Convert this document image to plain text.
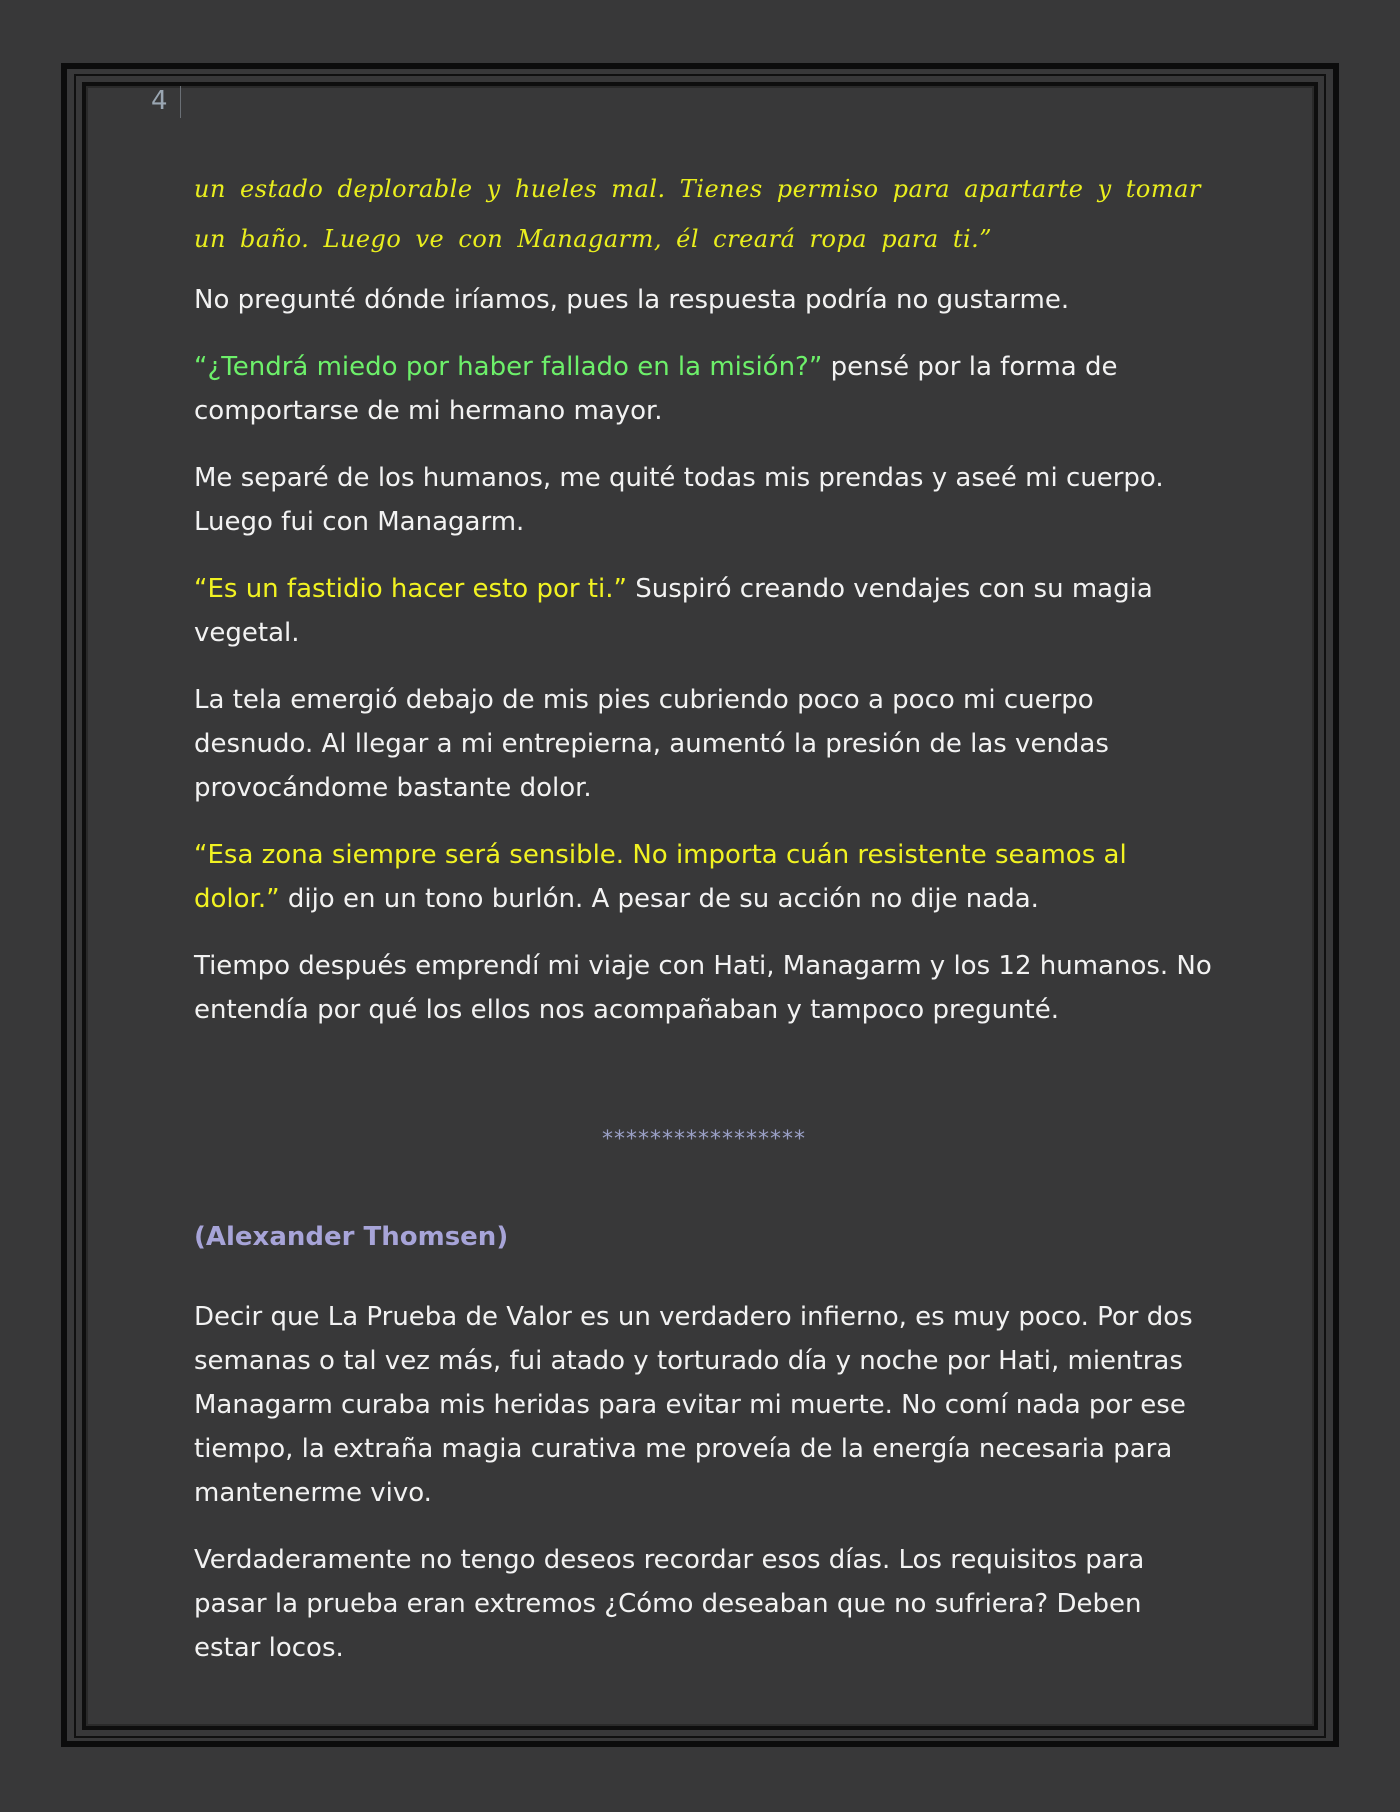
4

un estado deplorable y hueles mal. Tienes permiso para apartarte y tomar un baño. Luego ve con Managarm, él creará ropa para ti.”

No pregunté dónde iríamos, pues la respuesta podría no gustarme.

“¿Tendrá miedo por haber fallado en la misión?” pensé por la forma de comportarse de mi hermano mayor.

Me separé de los humanos, me quité todas mis prendas y aseé mi cuerpo. Luego fui con Managarm.

“Es un fastidio hacer esto por ti.” Suspiró creando vendajes con su magia vegetal.

La tela emergió debajo de mis pies cubriendo poco a poco mi cuerpo desnudo. Al llegar a mi entrepierna, aumentó la presión de las vendas provocándome bastante dolor.

“Esa zona siempre será sensible. No importa cuán resistente seamos al dolor.” dijo en un tono burlón. A pesar de su acción no dije nada.

Tiempo después emprendí mi viaje con Hati, Managarm y los 12 humanos. No entendía por qué los ellos nos acompañaban y tampoco pregunté.

*****************
(Alexander Thomsen)

Decir que La Prueba de Valor es un verdadero infierno, es muy poco. Por dos semanas o tal vez más, fui atado y torturado día y noche por Hati, mientras Managarm curaba mis heridas para evitar mi muerte. No comí nada por ese tiempo, la extraña magia curativa me proveía de la energía necesaria para mantenerme vivo.

Verdaderamente no tengo deseos recordar esos días. Los requisitos para pasar la prueba eran extremos ¿Cómo deseaban que no sufriera? Deben estar locos.
